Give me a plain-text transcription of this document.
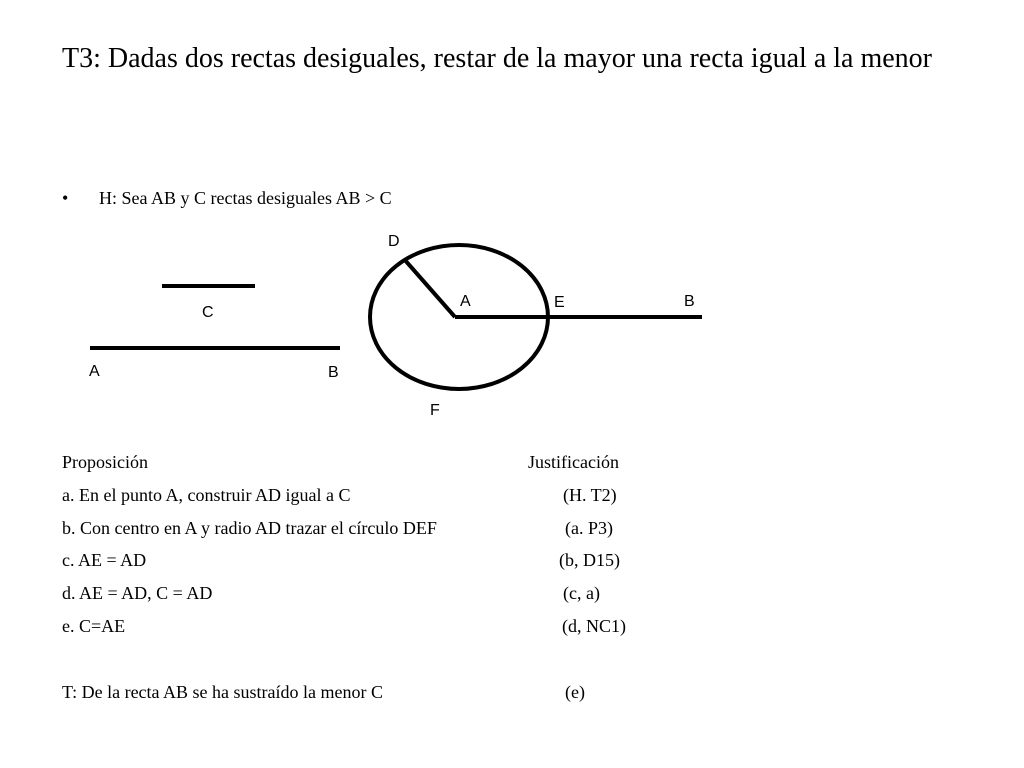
T3: Dadas dos rectas desiguales, restar de la mayor una recta igual a la menor
• H: Sea AB y C rectas desiguales AB > C
C
A	B
D
A	E	B
F
Proposición	Justificación
a. En el punto A, construir AD igual a C	(H. T2)
b. Con centro en A y radio AD trazar el círculo DEF	(a. P3)
c. AE = AD	(b, D15)
d. AE = AD, C = AD	(c, a)
e. C=AE	(d, NC1)
T: De la recta AB se ha sustraído la menor C	(e)
